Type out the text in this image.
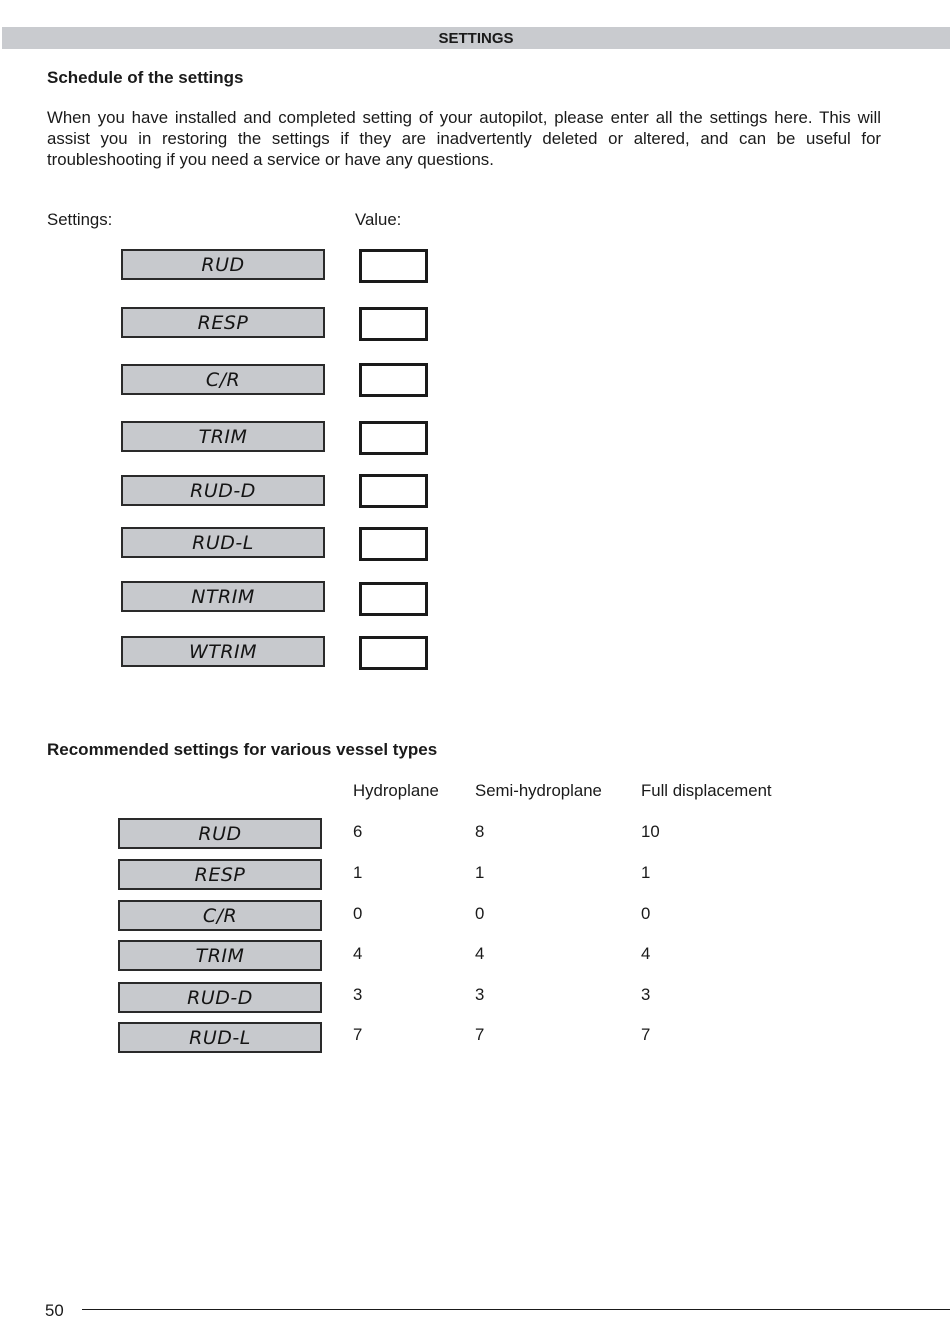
SETTINGS
Schedule of the settings
When you have installed and completed setting of your autopilot, please enter all the settings here. This will assist you in restoring the settings if they are inadvertently deleted or altered, and can be useful for troubleshooting if you need a service or have any questions.
Settings:	Value:
RUD
RESP
C/R
TRIM
RUD-D
RUD-L
NTRIM
WTRIM
Recommended settings for various vessel types
Hydroplane Semi-hydroplane Full displacement
RUD	6	8	10
RESP	1	1	1
C/R	0	0	0
TRIM	4	4	4
RUD-D	3	3	3
RUD-L	7	7	7
50
